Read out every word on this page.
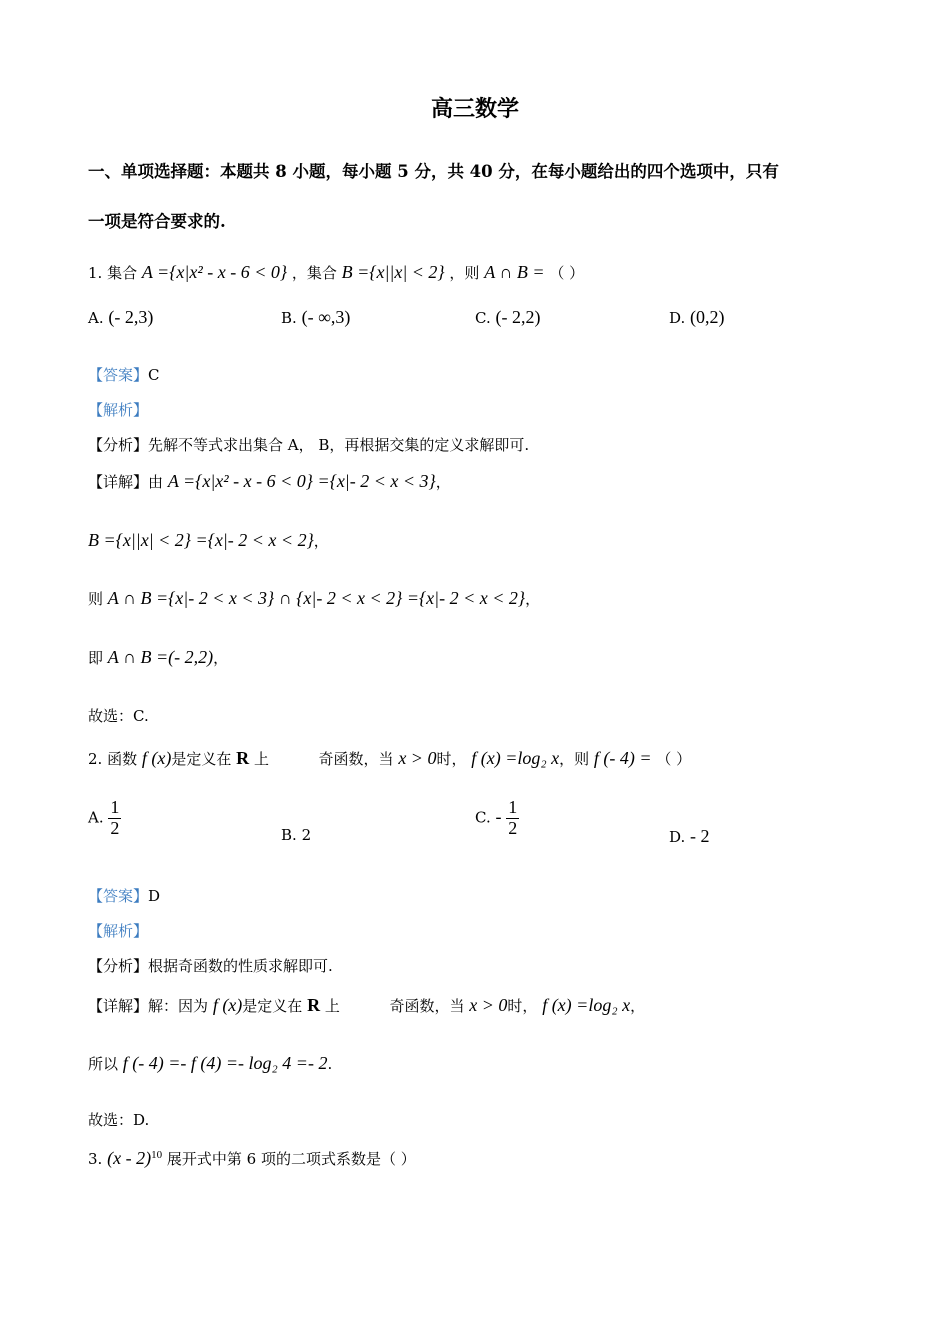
高三数学
一、单项选择题：本题共 8 小题，每小题 5 分，共 40 分，在每小题给出的四个选项中，只有
一项是符合要求的.
1. 集合 A ={x|x² - x - 6 < 0} ，集合 B ={x||x| < 2} ，则 A ∩ B = （ ）
A. (- 2,3)	B. (- ∞,3)	C. (- 2,2)	D. (0,2)
【答案】C
【解析】
【分析】先解不等式求出集合 A， B，再根据交集的定义求解即可.
【详解】由 A ={x|x² - x - 6 < 0} ={x|- 2 < x < 3}，
B ={x||x| < 2} ={x|- 2 < x < 2}，
则 A ∩ B ={x|- 2 < x < 3} ∩ {x|- 2 < x < 2} ={x|- 2 < x < 2}，
即 A ∩ B =(- 2,2)，
故选：C.
2. 函数 f (x)是定义在 R 上	奇函数，当 x > 0时， f (x) =log₂ x，则 f (- 4) = （ ）
A. $\frac{1}{2}$	B. 2
C. - $\frac{1}{2}$	D. - 2
【答案】D
【解析】
【分析】根据奇函数的性质求解即可.
【详解】解：因为 f (x)是定义在 R 上	奇函数，当 x > 0时， f (x) =log₂ x，
所以 f (- 4) =- f (4) =- log₂ 4 =- 2.
故选：D.
3. (x - 2)$^{10}$ 展开式中第 6 项的二项式系数是（ ）
